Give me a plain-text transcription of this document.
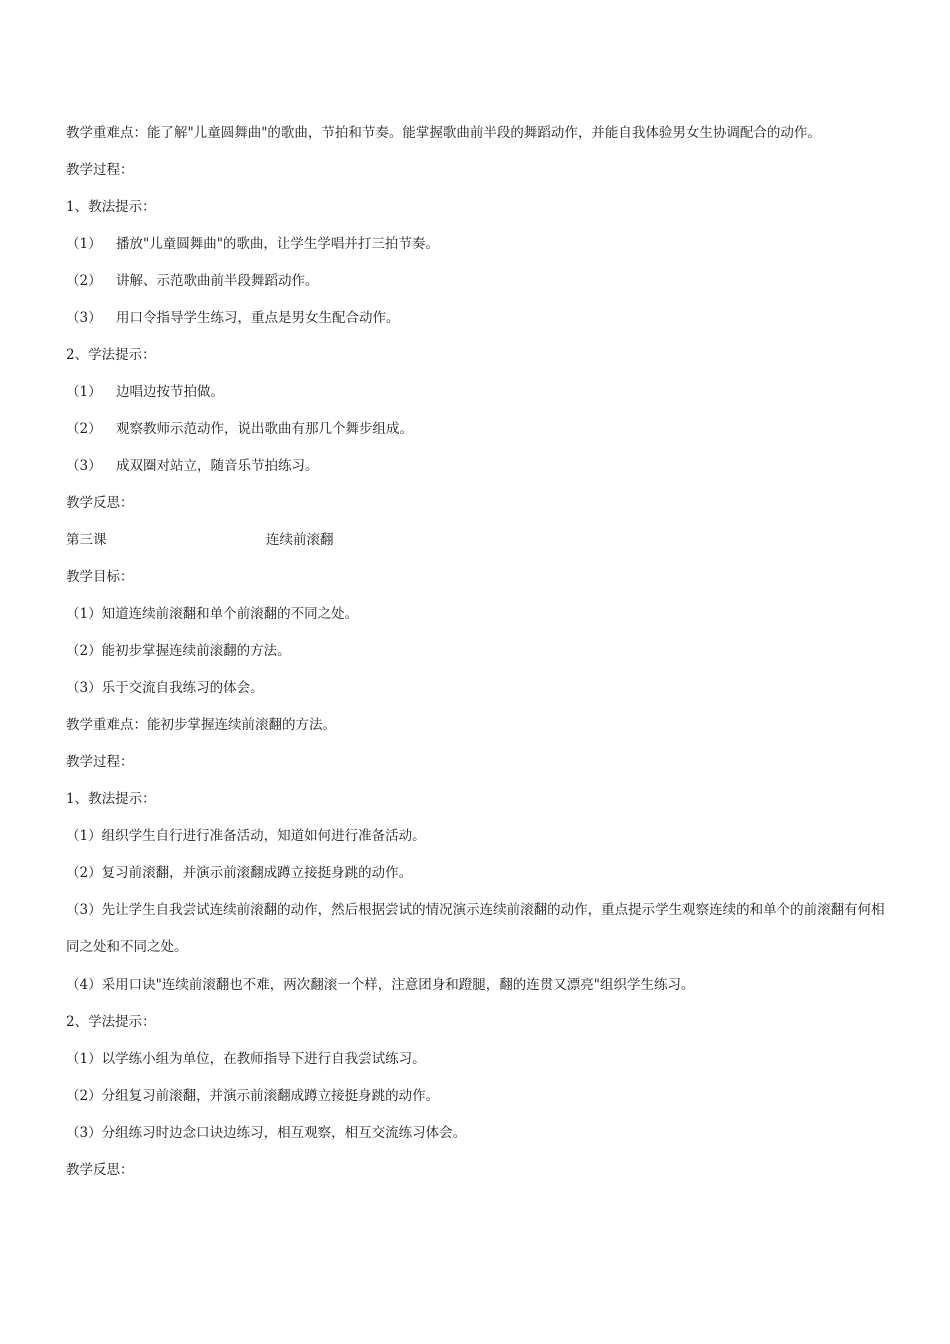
教学重难点：能了解"儿童圆舞曲"的歌曲，节拍和节奏。能掌握歌曲前半段的舞蹈动作，并能自我体验男女生协调配合的动作。

教学过程：

1、教法提示：

（1） 播放"儿童圆舞曲"的歌曲，让学生学唱并打三拍节奏。

（2） 讲解、示范歌曲前半段舞蹈动作。

（3） 用口令指导学生练习，重点是男女生配合动作。

2、学法提示：

（1） 边唱边按节拍做。

（2） 观察教师示范动作，说出歌曲有那几个舞步组成。

（3） 成双圈对站立，随音乐节拍练习。

教学反思：

第三课	连续前滚翻

教学目标：

（1）知道连续前滚翻和单个前滚翻的不同之处。

（2）能初步掌握连续前滚翻的方法。

（3）乐于交流自我练习的体会。

教学重难点：能初步掌握连续前滚翻的方法。

教学过程：

1、教法提示：

（1）组织学生自行进行准备活动，知道如何进行准备活动。

（2）复习前滚翻，并演示前滚翻成蹲立接挺身跳的动作。

（3）先让学生自我尝试连续前滚翻的动作，然后根据尝试的情况演示连续前滚翻的动作，重点提示学生观察连续的和单个的前滚翻有何相同之处和不同之处。

（4）采用口诀"连续前滚翻也不难，两次翻滚一个样，注意团身和蹬腿，翻的连贯又漂亮"组织学生练习。

2、学法提示：

（1）以学练小组为单位，在教师指导下进行自我尝试练习。

（2）分组复习前滚翻，并演示前滚翻成蹲立接挺身跳的动作。

（3）分组练习时边念口诀边练习，相互观察，相互交流练习体会。

教学反思：
